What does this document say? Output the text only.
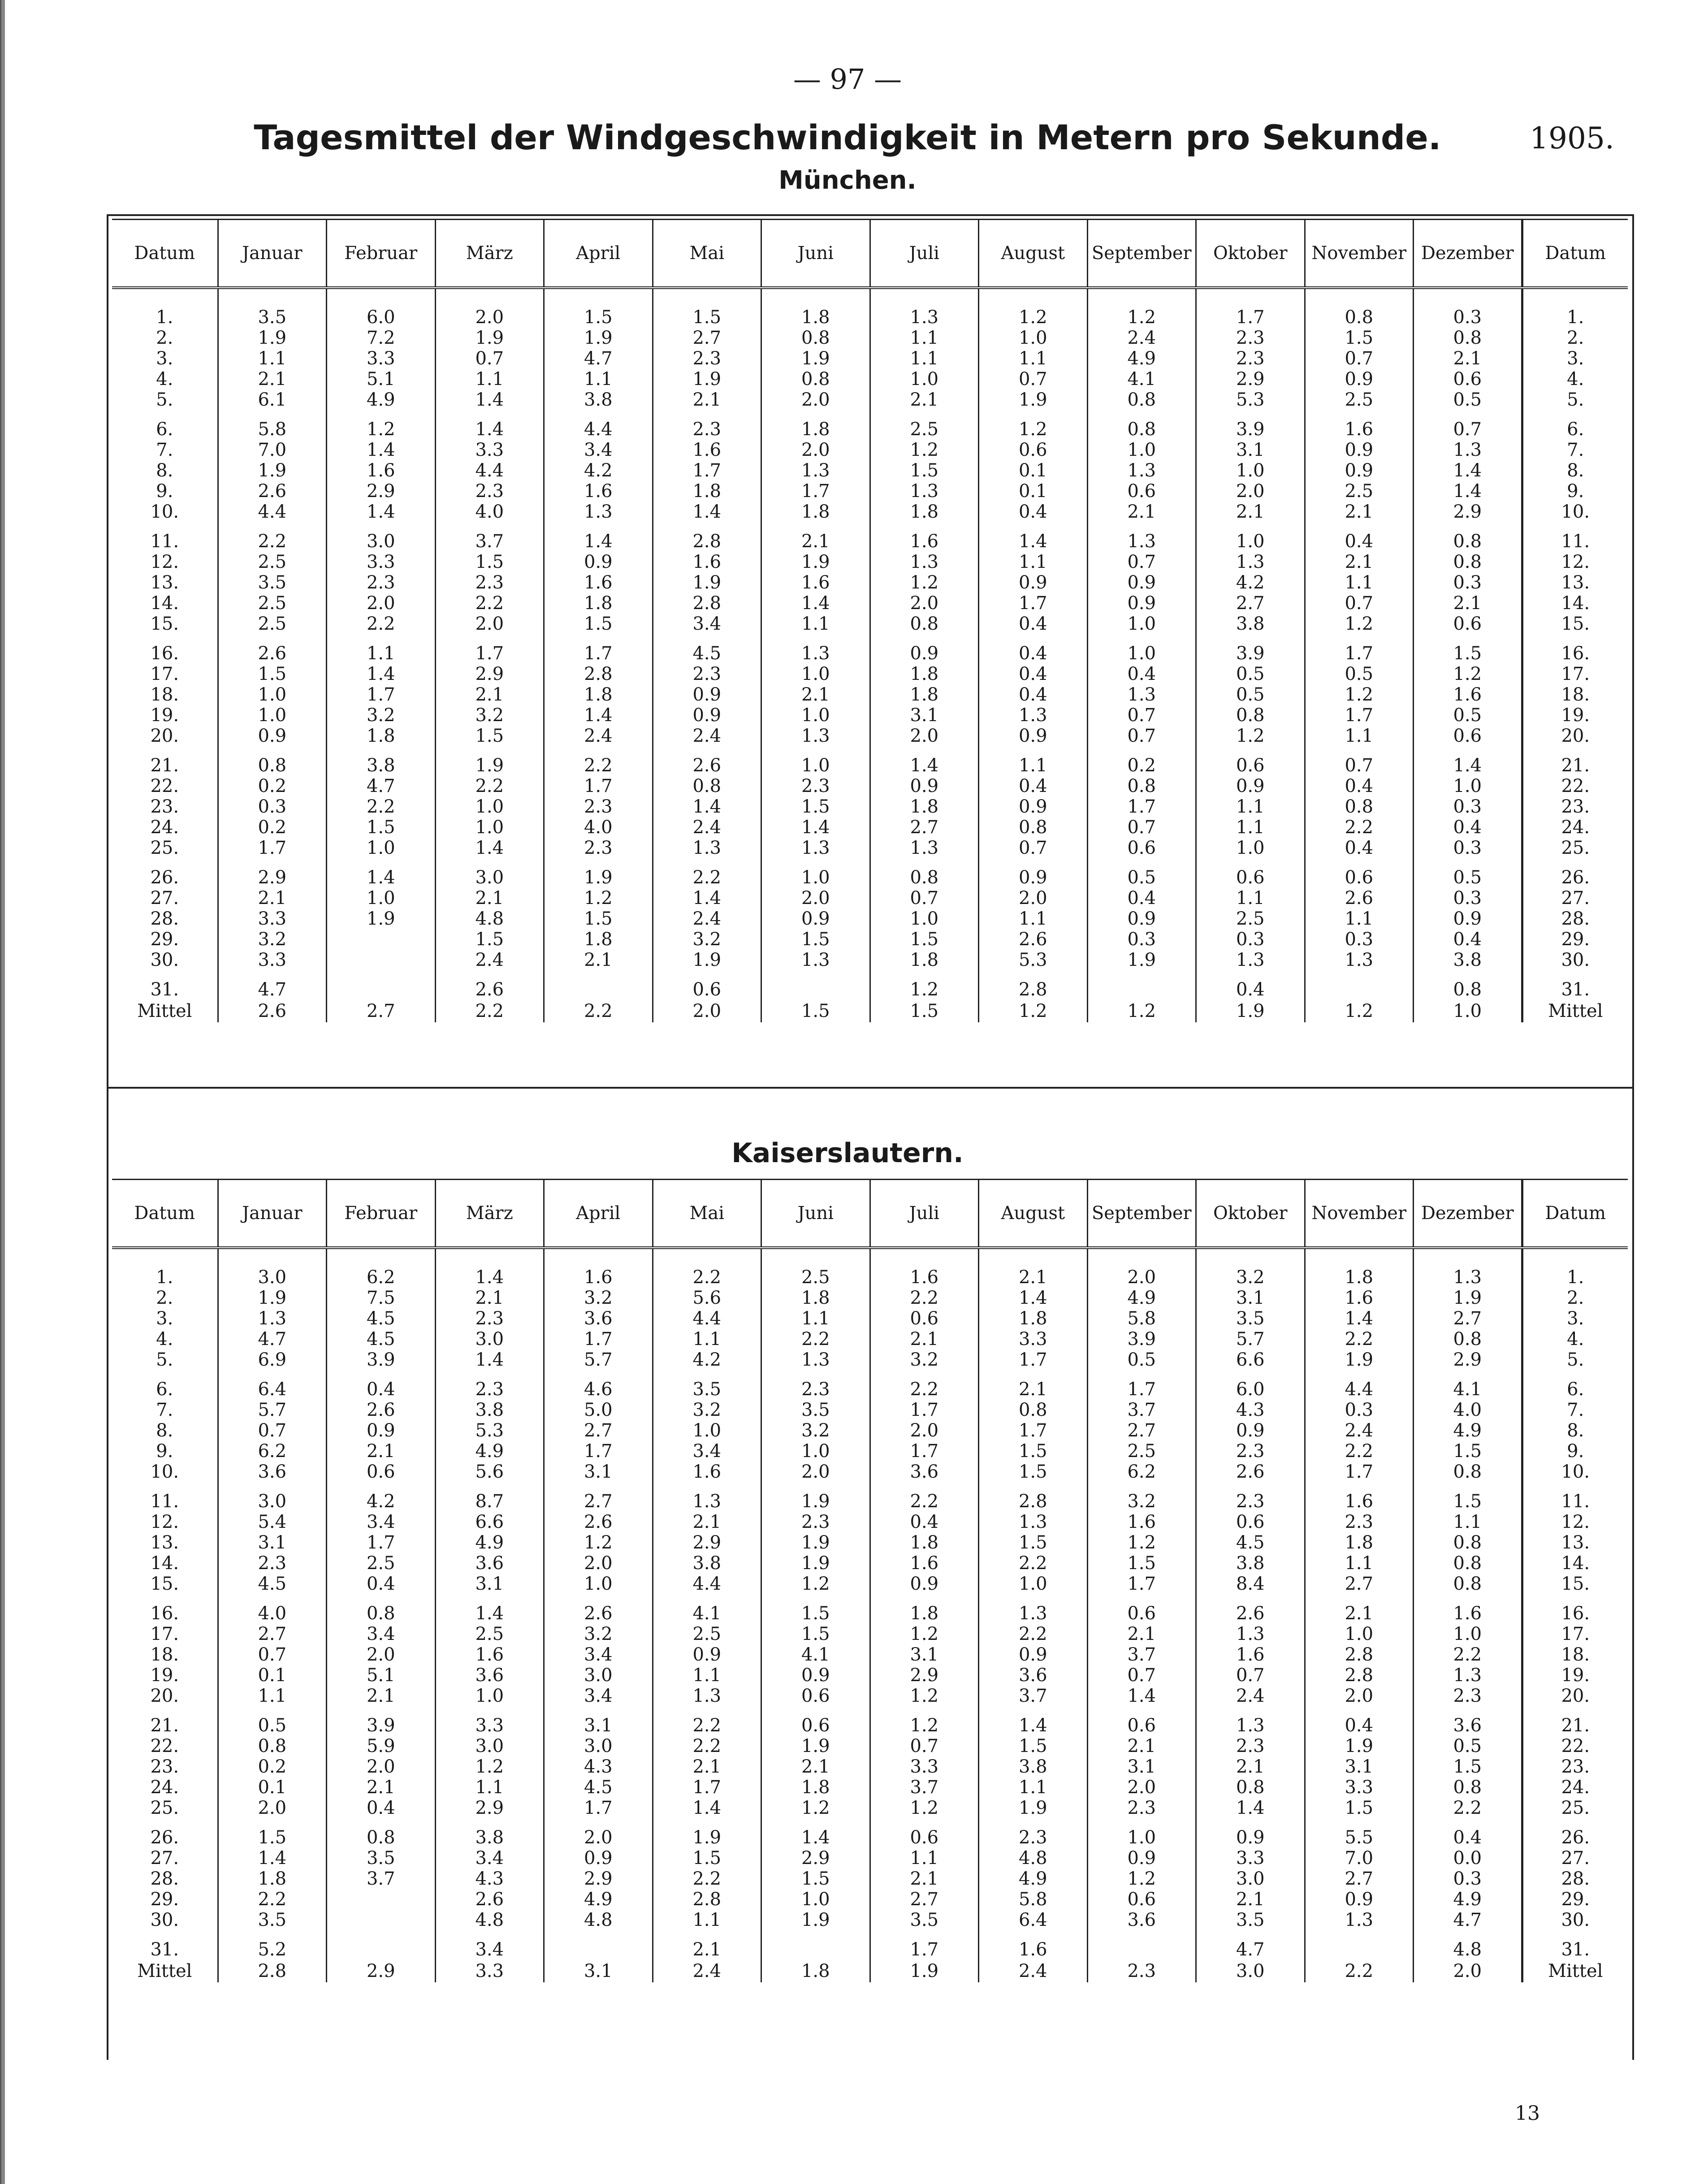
— 97 —
Tagesmittel der Windgeschwindigkeit in Metern pro Sekunde.	1905.
München.
Datum	Januar	Februar	März	April	Mai	Juni	Juli	August	September	Oktober	November	Dezember	Datum
1.	3.5	6.0	2.0	1.5	1.5	1.8	1.3	1.2	1.2	1.7	0.8	0.3	1.
2.	1.9	7.2	1.9	1.9	2.7	0.8	1.1	1.0	2.4	2.3	1.5	0.8	2.
3.	1.1	3.3	0.7	4.7	2.3	1.9	1.1	1.1	4.9	2.3	0.7	2.1	3.
4.	2.1	5.1	1.1	1.1	1.9	0.8	1.0	0.7	4.1	2.9	0.9	0.6	4.
5.	6.1	4.9	1.4	3.8	2.1	2.0	2.1	1.9	0.8	5.3	2.5	0.5	5.
6.	5.8	1.2	1.4	4.4	2.3	1.8	2.5	1.2	0.8	3.9	1.6	0.7	6.
7.	7.0	1.4	3.3	3.4	1.6	2.0	1.2	0.6	1.0	3.1	0.9	1.3	7.
8.	1.9	1.6	4.4	4.2	1.7	1.3	1.5	0.1	1.3	1.0	0.9	1.4	8.
9.	2.6	2.9	2.3	1.6	1.8	1.7	1.3	0.1	0.6	2.0	2.5	1.4	9.
10.	4.4	1.4	4.0	1.3	1.4	1.8	1.8	0.4	2.1	2.1	2.1	2.9	10.
11.	2.2	3.0	3.7	1.4	2.8	2.1	1.6	1.4	1.3	1.0	0.4	0.8	11.
12.	2.5	3.3	1.5	0.9	1.6	1.9	1.3	1.1	0.7	1.3	2.1	0.8	12.
13.	3.5	2.3	2.3	1.6	1.9	1.6	1.2	0.9	0.9	4.2	1.1	0.3	13.
14.	2.5	2.0	2.2	1.8	2.8	1.4	2.0	1.7	0.9	2.7	0.7	2.1	14.
15.	2.5	2.2	2.0	1.5	3.4	1.1	0.8	0.4	1.0	3.8	1.2	0.6	15.
16.	2.6	1.1	1.7	1.7	4.5	1.3	0.9	0.4	1.0	3.9	1.7	1.5	16.
17.	1.5	1.4	2.9	2.8	2.3	1.0	1.8	0.4	0.4	0.5	0.5	1.2	17.
18.	1.0	1.7	2.1	1.8	0.9	2.1	1.8	0.4	1.3	0.5	1.2	1.6	18.
19.	1.0	3.2	3.2	1.4	0.9	1.0	3.1	1.3	0.7	0.8	1.7	0.5	19.
20.	0.9	1.8	1.5	2.4	2.4	1.3	2.0	0.9	0.7	1.2	1.1	0.6	20.
21.	0.8	3.8	1.9	2.2	2.6	1.0	1.4	1.1	0.2	0.6	0.7	1.4	21.
22.	0.2	4.7	2.2	1.7	0.8	2.3	0.9	0.4	0.8	0.9	0.4	1.0	22.
23.	0.3	2.2	1.0	2.3	1.4	1.5	1.8	0.9	1.7	1.1	0.8	0.3	23.
24.	0.2	1.5	1.0	4.0	2.4	1.4	2.7	0.8	0.7	1.1	2.2	0.4	24.
25.	1.7	1.0	1.4	2.3	1.3	1.3	1.3	0.7	0.6	1.0	0.4	0.3	25.
26.	2.9	1.4	3.0	1.9	2.2	1.0	0.8	0.9	0.5	0.6	0.6	0.5	26.
27.	2.1	1.0	2.1	1.2	1.4	2.0	0.7	2.0	0.4	1.1	2.6	0.3	27.
28.	3.3	1.9	4.8	1.5	2.4	0.9	1.0	1.1	0.9	2.5	1.1	0.9	28.
29.	3.2		1.5	1.8	3.2	1.5	1.5	2.6	0.3	0.3	0.3	0.4	29.
30.	3.3		2.4	2.1	1.9	1.3	1.8	5.3	1.9	1.3	1.3	3.8	30.
31.	4.7		2.6		0.6		1.2	2.8		0.4		0.8	31.
Mittel	2.6	2.7	2.2	2.2	2.0	1.5	1.5	1.2	1.2	1.9	1.2	1.0	Mittel
Kaiserslautern.
Datum	Januar	Februar	März	April	Mai	Juni	Juli	August	September	Oktober	November	Dezember	Datum
1.	3.0	6.2	1.4	1.6	2.2	2.5	1.6	2.1	2.0	3.2	1.8	1.3	1.
2.	1.9	7.5	2.1	3.2	5.6	1.8	2.2	1.4	4.9	3.1	1.6	1.9	2.
3.	1.3	4.5	2.3	3.6	4.4	1.1	0.6	1.8	5.8	3.5	1.4	2.7	3.
4.	4.7	4.5	3.0	1.7	1.1	2.2	2.1	3.3	3.9	5.7	2.2	0.8	4.
5.	6.9	3.9	1.4	5.7	4.2	1.3	3.2	1.7	0.5	6.6	1.9	2.9	5.
6.	6.4	0.4	2.3	4.6	3.5	2.3	2.2	2.1	1.7	6.0	4.4	4.1	6.
7.	5.7	2.6	3.8	5.0	3.2	3.5	1.7	0.8	3.7	4.3	0.3	4.0	7.
8.	0.7	0.9	5.3	2.7	1.0	3.2	2.0	1.7	2.7	0.9	2.4	4.9	8.
9.	6.2	2.1	4.9	1.7	3.4	1.0	1.7	1.5	2.5	2.3	2.2	1.5	9.
10.	3.6	0.6	5.6	3.1	1.6	2.0	3.6	1.5	6.2	2.6	1.7	0.8	10.
11.	3.0	4.2	8.7	2.7	1.3	1.9	2.2	2.8	3.2	2.3	1.6	1.5	11.
12.	5.4	3.4	6.6	2.6	2.1	2.3	0.4	1.3	1.6	0.6	2.3	1.1	12.
13.	3.1	1.7	4.9	1.2	2.9	1.9	1.8	1.5	1.2	4.5	1.8	0.8	13.
14.	2.3	2.5	3.6	2.0	3.8	1.9	1.6	2.2	1.5	3.8	1.1	0.8	14.
15.	4.5	0.4	3.1	1.0	4.4	1.2	0.9	1.0	1.7	8.4	2.7	0.8	15.
16.	4.0	0.8	1.4	2.6	4.1	1.5	1.8	1.3	0.6	2.6	2.1	1.6	16.
17.	2.7	3.4	2.5	3.2	2.5	1.5	1.2	2.2	2.1	1.3	1.0	1.0	17.
18.	0.7	2.0	1.6	3.4	0.9	4.1	3.1	0.9	3.7	1.6	2.8	2.2	18.
19.	0.1	5.1	3.6	3.0	1.1	0.9	2.9	3.6	0.7	0.7	2.8	1.3	19.
20.	1.1	2.1	1.0	3.4	1.3	0.6	1.2	3.7	1.4	2.4	2.0	2.3	20.
21.	0.5	3.9	3.3	3.1	2.2	0.6	1.2	1.4	0.6	1.3	0.4	3.6	21.
22.	0.8	5.9	3.0	3.0	2.2	1.9	0.7	1.5	2.1	2.3	1.9	0.5	22.
23.	0.2	2.0	1.2	4.3	2.1	2.1	3.3	3.8	3.1	2.1	3.1	1.5	23.
24.	0.1	2.1	1.1	4.5	1.7	1.8	3.7	1.1	2.0	0.8	3.3	0.8	24.
25.	2.0	0.4	2.9	1.7	1.4	1.2	1.2	1.9	2.3	1.4	1.5	2.2	25.
26.	1.5	0.8	3.8	2.0	1.9	1.4	0.6	2.3	1.0	0.9	5.5	0.4	26.
27.	1.4	3.5	3.4	0.9	1.5	2.9	1.1	4.8	0.9	3.3	7.0	0.0	27.
28.	1.8	3.7	4.3	2.9	2.2	1.5	2.1	4.9	1.2	3.0	2.7	0.3	28.
29.	2.2		2.6	4.9	2.8	1.0	2.7	5.8	0.6	2.1	0.9	4.9	29.
30.	3.5		4.8	4.8	1.1	1.9	3.5	6.4	3.6	3.5	1.3	4.7	30.
31.	5.2		3.4		2.1		1.7	1.6		4.7		4.8	31.
Mittel	2.8	2.9	3.3	3.1	2.4	1.8	1.9	2.4	2.3	3.0	2.2	2.0	Mittel
13
